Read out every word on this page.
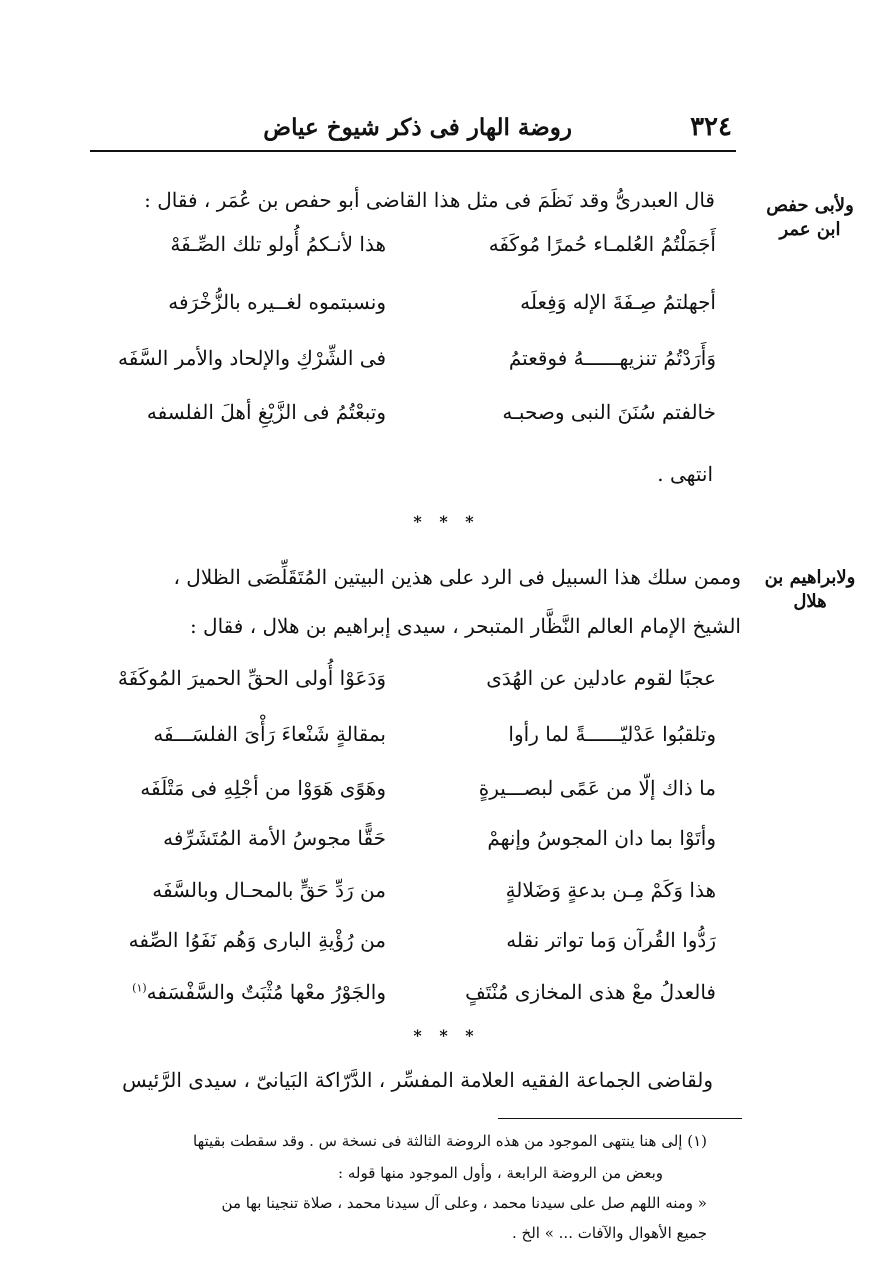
٣٢٤
روضة الهار فى ذكر شيوخ عياض
ولأبى حفص ابن عمر
قال العبدرىُّ وقد نَظَمَ فى مثل هذا القاضى أبو حفص بن عُمَر ، فقال :
أَجَمَلْتُمُ العُلمـاء حُمرًا مُوكَفَه
هذا لأنـكمُ أُولو تلك الصِّـفَهْ
أجهلتمُ صِـفَةَ الإله وَفِعلَه
ونسبتموه لغــيره بالزُّخْرَفه
وَأَرَدْتُمُ تنزيهــــــهُ فوقعتمُ
فى الشِّرْكِ والإلحاد والأمر السَّفَه
خالفتم سُنَنَ النبى وصحبـه
وتبعْتُمُ فى الزَّيْغِ أهلَ الفلسفه
انتهى .
* * *
ولابراهيم بن هلال
وممن سلك هذا السبيل فى الرد على هذين البيتين المُتَقَلِّصَى الظلال ،
الشيخ الإمام العالم النَّظَّار المتبحر ، سيدى إبراهيم بن هلال ، فقال :
عجبًا لقوم عادلين عن الهُدَى
وَدَعَوْا أُولى الحقِّ الحميرَ المُوكَفَهْ
وتلقبُوا عَدْليّــــــةً لما رأوا
بمقالةٍ شَنْعاءَ رَأْىَ الفلسَـــفَه
ما ذاك إلّا من عَمًى لبصـــيرةٍ
وهَوًى هَوَوْا من أجْلِهِ فى مَتْلَفَه
وأتَوْا بما دان المجوسُ وإنهمْ
حَقًّا مجوسُ الأمة المُتَشَرِّفه
هذا وَكَمْ مِـن بدعةٍ وَضَلالةٍ
من رَدِّ حَقٍّ بالمحـال وبالسَّفَه
رَدُّوا القُرآن وَما تواتر نقله
من رُؤْيةِ البارى وَهُم نَفَوُا الصِّفه
فالعدلُ معْ هذى المخازى مُنْتَفٍ
والجَوْرُ معْها مُثْبَتٌ والسَّفْسَفه$^{(١)}$
* * *
ولقاضى الجماعة الفقيه العلامة المفسِّر ، الدَّرّاكة البَيانىّ ، سيدى الرَّئيس
(١) إلى هنا ينتهى الموجود من هذه الروضة الثالثة فى نسخة س . وقد سقطت بقيتها
وبعض من الروضة الرابعة ، وأول الموجود منها قوله :
« ومنه اللهم صل على سيدنا محمد ، وعلى آل سيدنا محمد ، صلاة تنجينا بها من
جميع الأهوال والآفات ... » الخ .
